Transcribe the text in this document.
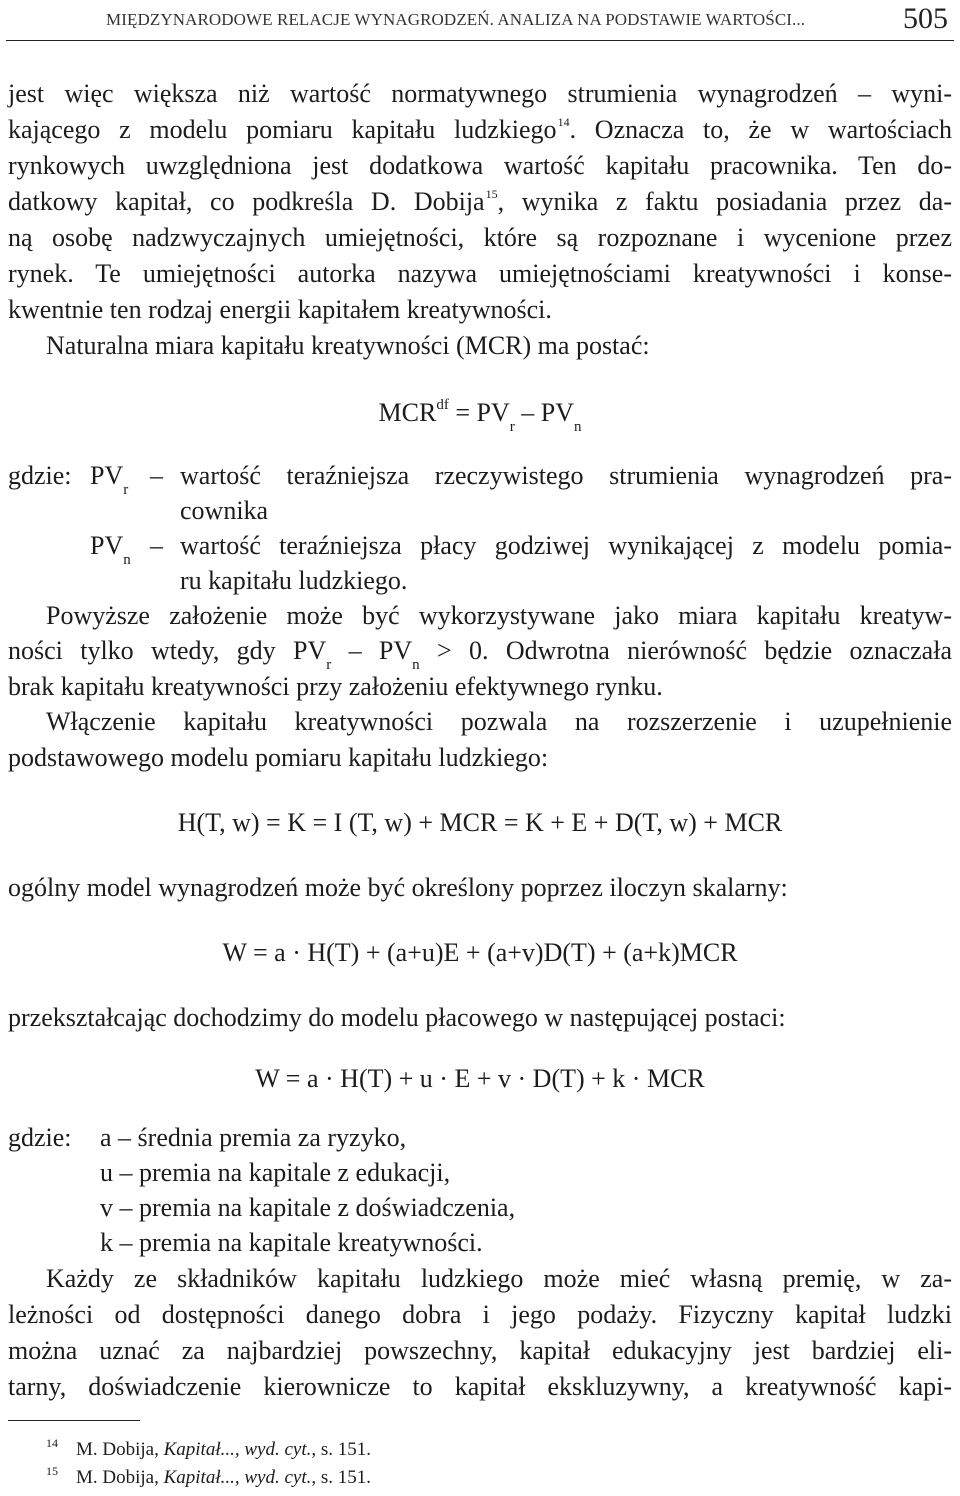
MIĘDZYNARODOWE RELACJE WYNAGRODZEŃ. ANALIZA NA PODSTAWIE WARTOŚCI...	505
jest więc większa niż wartość normatywnego strumienia wynagrodzeń – wyni-
kającego z modelu pomiaru kapitału ludzkiego$^{14}$. Oznacza to, że w wartościach
rynkowych uwzględniona jest dodatkowa wartość kapitału pracownika. Ten do-
datkowy kapitał, co podkreśla D. Dobija$^{15}$, wynika z faktu posiadania przez da-
ną osobę nadzwyczajnych umiejętności, które są rozpoznane i wycenione przez
rynek. Te umiejętności autorka nazywa umiejętnościami kreatywności i konse-
kwentnie ten rodzaj energii kapitałem kreatywności.
Naturalna miara kapitału kreatywności (MCR) ma postać:
$MCR^{df} = PV_r - PV_n$
gdzie: $PV_r$ – wartość teraźniejsza rzeczywistego strumienia wynagrodzeń pra-
cownika
$PV_n$ – wartość teraźniejsza płacy godziwej wynikającej z modelu pomia-
ru kapitału ludzkiego.
Powyższe założenie może być wykorzystywane jako miara kapitału kreatyw-
ności tylko wtedy, gdy $PV_r - PV_n > 0$. Odwrotna nierówność będzie oznaczała
brak kapitału kreatywności przy założeniu efektywnego rynku.
Włączenie kapitału kreatywności pozwala na rozszerzenie i uzupełnienie
podstawowego modelu pomiaru kapitału ludzkiego:
H(T, w) = K = I (T, w) + MCR = K + E + D(T, w) + MCR
ogólny model wynagrodzeń może być określony poprzez iloczyn skalarny:
W = a · H(T) + (a+u)E + (a+v)D(T) + (a+k)MCR
przekształcając dochodzimy do modelu płacowego w następującej postaci:
W = a · H(T) + u · E + v · D(T) + k · MCR
gdzie: a – średnia premia za ryzyko,
u – premia na kapitale z edukacji,
v – premia na kapitale z doświadczenia,
k – premia na kapitale kreatywności.
Każdy ze składników kapitału ludzkiego może mieć własną premię, w za-
leżności od dostępności danego dobra i jego podaży. Fizyczny kapitał ludzki
można uznać za najbardziej powszechny, kapitał edukacyjny jest bardziej eli-
tarny, doświadczenie kierownicze to kapitał ekskluzywny, a kreatywność kapi-
$^{14}$ M. Dobija, Kapitał..., wyd. cyt., s. 151.
$^{15}$ M. Dobija, Kapitał..., wyd. cyt., s. 151.
